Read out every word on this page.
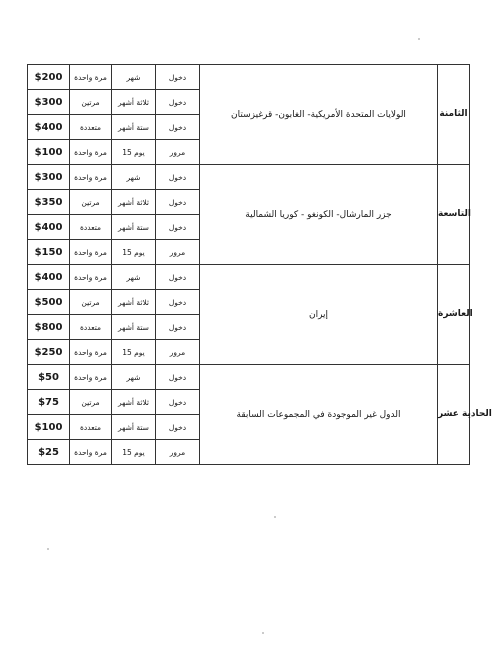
$200	مرة واحدة	شهر	دخول	الولايات المتحدة الأمريكية- الغابون- قرغيزستان	الثامنة
$300	مرتين	ثلاثة أشهر	دخول		
$400	متعددة	ستة أشهر	دخول		
$100	مرة واحدة	15 يوم	مرور		
$300	مرة واحدة	شهر	دخول	جزر المارشال- الكونغو - كوريا الشمالية	التاسعة
$350	مرتين	ثلاثة أشهر	دخول		
$400	متعددة	ستة أشهر	دخول		
$150	مرة واحدة	15 يوم	مرور		
$400	مرة واحدة	شهر	دخول	إيران	العاشرة
$500	مرتين	ثلاثة أشهر	دخول		
$800	متعددة	ستة أشهر	دخول		
$250	مرة واحدة	15 يوم	مرور		
$50	مرة واحدة	شهر	دخول	الدول غير الموجودة في المجموعات السابقة	الحادية عشر
$75	مرتين	ثلاثة أشهر	دخول		
$100	متعددة	ستة أشهر	دخول		
$25	مرة واحدة	15 يوم	مرور		
